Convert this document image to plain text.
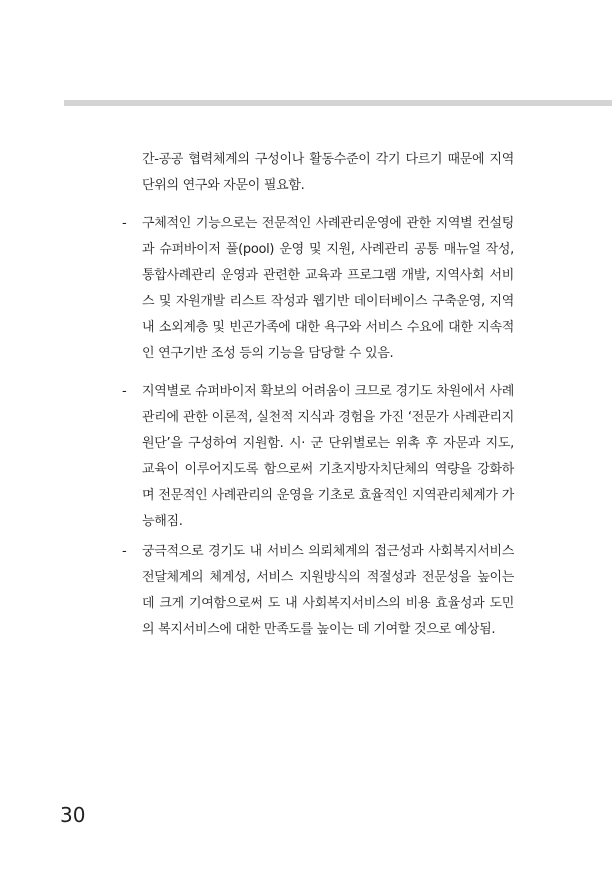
간-공공 협력체계의 구성이나 활동수준이 각기 다르기 때문에 지역단위의 연구와 자문이 필요함.
- 구체적인 기능으로는 전문적인 사례관리운영에 관한 지역별 컨설팅과 슈퍼바이저 풀(pool) 운영 및 지원, 사례관리 공통 매뉴얼 작성, 통합사례관리 운영과 관련한 교육과 프로그램 개발, 지역사회 서비스 및 자원개발 리스트 작성과 웹기반 데이터베이스 구축운영, 지역 내 소외계층 및 빈곤가족에 대한 욕구와 서비스 수요에 대한 지속적인 연구기반 조성 등의 기능을 담당할 수 있음.
- 지역별로 슈퍼바이저 확보의 어려움이 크므로 경기도 차원에서 사례관리에 관한 이론적, 실천적 지식과 경험을 가진 ‘전문가 사례관리지원단’을 구성하여 지원함. 시· 군 단위별로는 위촉 후 자문과 지도, 교육이 이루어지도록 함으로써 기초지방자치단체의 역량을 강화하며 전문적인 사례관리의 운영을 기초로 효율적인 지역관리체계가 가능해짐.
- 궁극적으로 경기도 내 서비스 의뢰체계의 접근성과 사회복지서비스 전달체계의 체계성, 서비스 지원방식의 적절성과 전문성을 높이는 데 크게 기여함으로써 도 내 사회복지서비스의 비용 효율성과 도민의 복지서비스에 대한 만족도를 높이는 데 기여할 것으로 예상됨.
30
